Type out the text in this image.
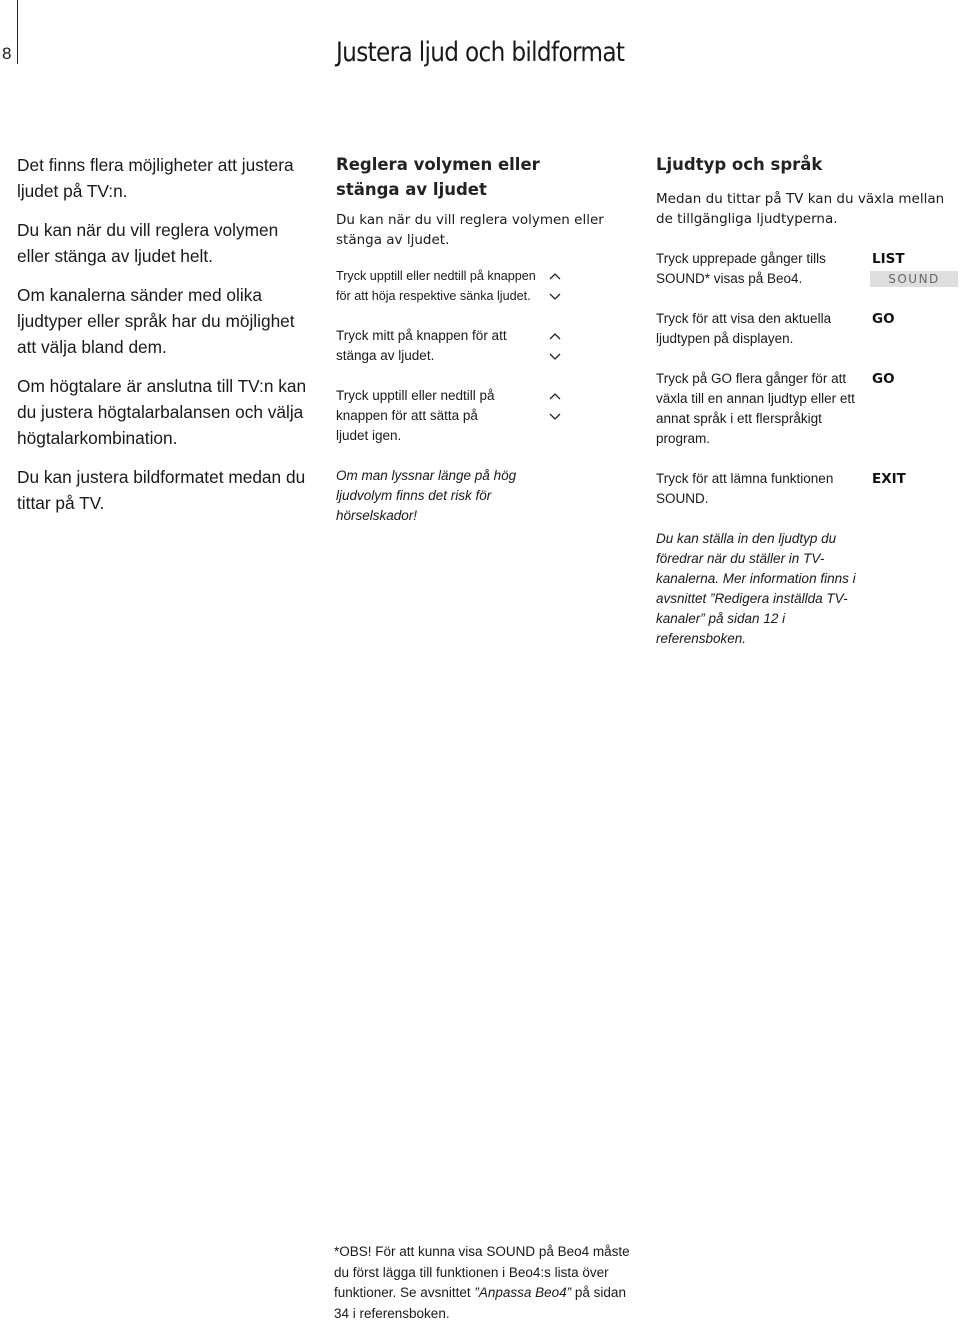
8	Justera ljud och bildformat

Det finns flera möjligheter att justera ljudet på TV:n.

Du kan när du vill reglera volymen eller stänga av ljudet helt.

Om kanalerna sänder med olika ljudtyper eller språk har du möjlighet att välja bland dem.

Om högtalare är anslutna till TV:n kan du justera högtalarbalansen och välja högtalarkombination.

Du kan justera bildformatet medan du tittar på TV.

Reglera volymen eller stänga av ljudet

Du kan när du vill reglera volymen eller stänga av ljudet.

Tryck upptill eller nedtill på knappen för att höja respektive sänka ljudet.
Tryck mitt på knappen för att stänga av ljudet.
Tryck upptill eller nedtill på knappen för att sätta på ljudet igen.

Om man lyssnar länge på hög ljudvolym finns det risk för hörselskador!

Ljudtyp och språk

Medan du tittar på TV kan du växla mellan de tillgängliga ljudtyperna.

Tryck upprepade gånger tills SOUND* visas på Beo4.
LIST
SOUND
Tryck för att visa den aktuella ljudtypen på displayen.
GO
Tryck på GO flera gånger för att växla till en annan ljudtyp eller ett annat språk i ett flerspråkigt program.
GO
Tryck för att lämna funktionen SOUND.
EXIT

Du kan ställa in den ljudtyp du föredrar när du ställer in TV-kanalerna. Mer information finns i avsnittet ”Redigera inställda TV-kanaler” på sidan 12 i referensboken.

*OBS! För att kunna visa SOUND på Beo4 måste du först lägga till funktionen i Beo4:s lista över funktioner. Se avsnittet ”Anpassa Beo4” på sidan 34 i referensboken.
